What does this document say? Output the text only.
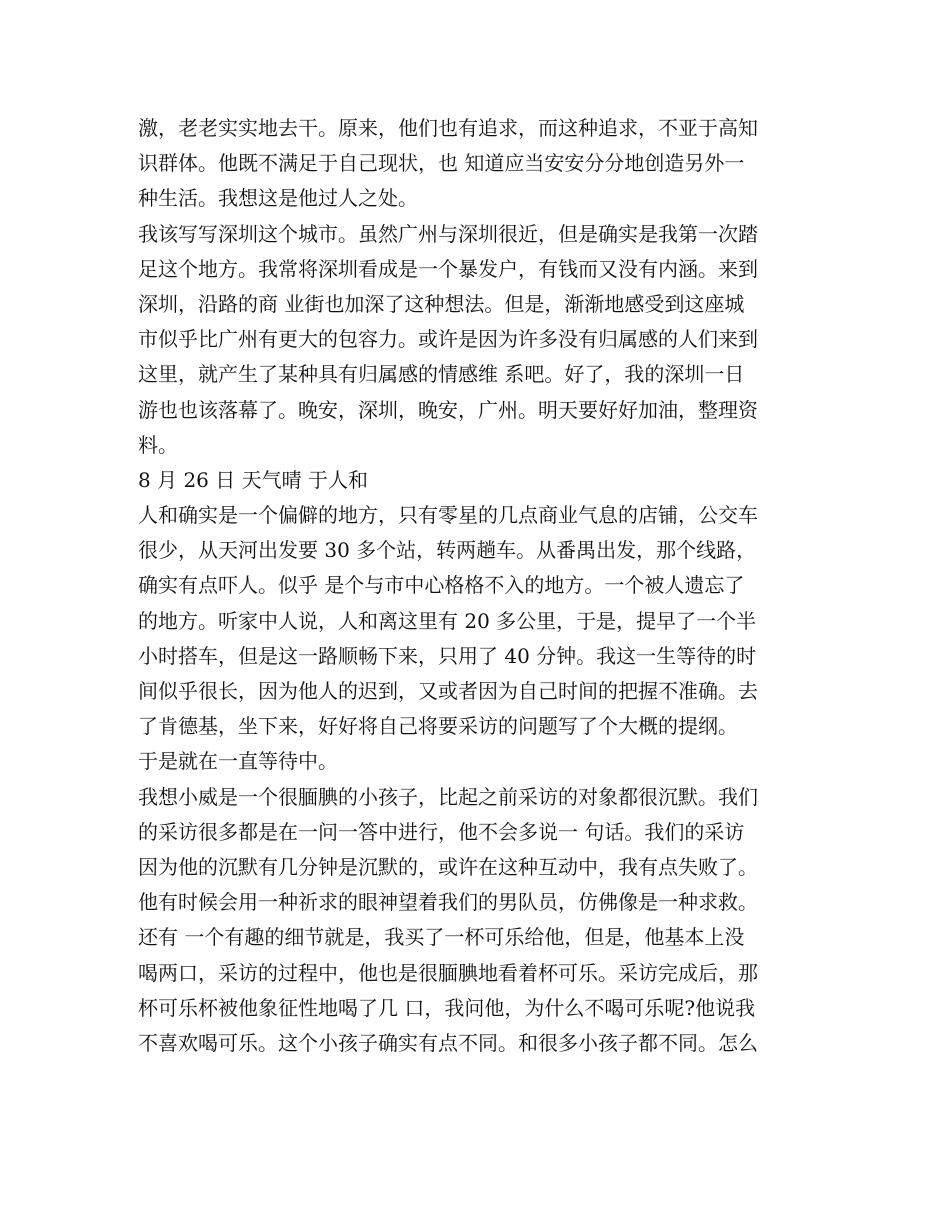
激，老老实实地去干。原来，他们也有追求，而这种追求，不亚于高知
识群体。他既不满足于自己现状，也 知道应当安安分分地创造另外一
种生活。我想这是他过人之处。
我该写写深圳这个城市。虽然广州与深圳很近，但是确实是我第一次踏
足这个地方。我常将深圳看成是一个暴发户，有钱而又没有内涵。来到
深圳，沿路的商 业街也加深了这种想法。但是，渐渐地感受到这座城
市似乎比广州有更大的包容力。或许是因为许多没有归属感的人们来到
这里，就产生了某种具有归属感的情感维 系吧。好了，我的深圳一日
游也也该落幕了。晚安，深圳，晚安，广州。明天要好好加油，整理资
料。
8 月 26 日 天气晴 于人和
人和确实是一个偏僻的地方，只有零星的几点商业气息的店铺，公交车
很少，从天河出发要 30 多个站，转两趟车。从番禺出发，那个线路，
确实有点吓人。似乎 是个与市中心格格不入的地方。一个被人遗忘了
的地方。听家中人说，人和离这里有 20 多公里，于是，提早了一个半
小时搭车，但是这一路顺畅下来，只用了 40 分钟。我这一生等待的时
间似乎很长，因为他人的迟到，又或者因为自己时间的把握不准确。去
了肯德基，坐下来，好好将自己将要采访的问题写了个大概的提纲。
于是就在一直等待中。
我想小威是一个很腼腆的小孩子，比起之前采访的对象都很沉默。我们
的采访很多都是在一问一答中进行，他不会多说一 句话。我们的采访
因为他的沉默有几分钟是沉默的，或许在这种互动中，我有点失败了。
他有时候会用一种祈求的眼神望着我们的男队员，仿佛像是一种求救。
还有 一个有趣的细节就是，我买了一杯可乐给他，但是，他基本上没
喝两口，采访的过程中，他也是很腼腆地看着杯可乐。采访完成后，那
杯可乐杯被他象征性地喝了几 口，我问他，为什么不喝可乐呢?他说我
不喜欢喝可乐。这个小孩子确实有点不同。和很多小孩子都不同。怎么
